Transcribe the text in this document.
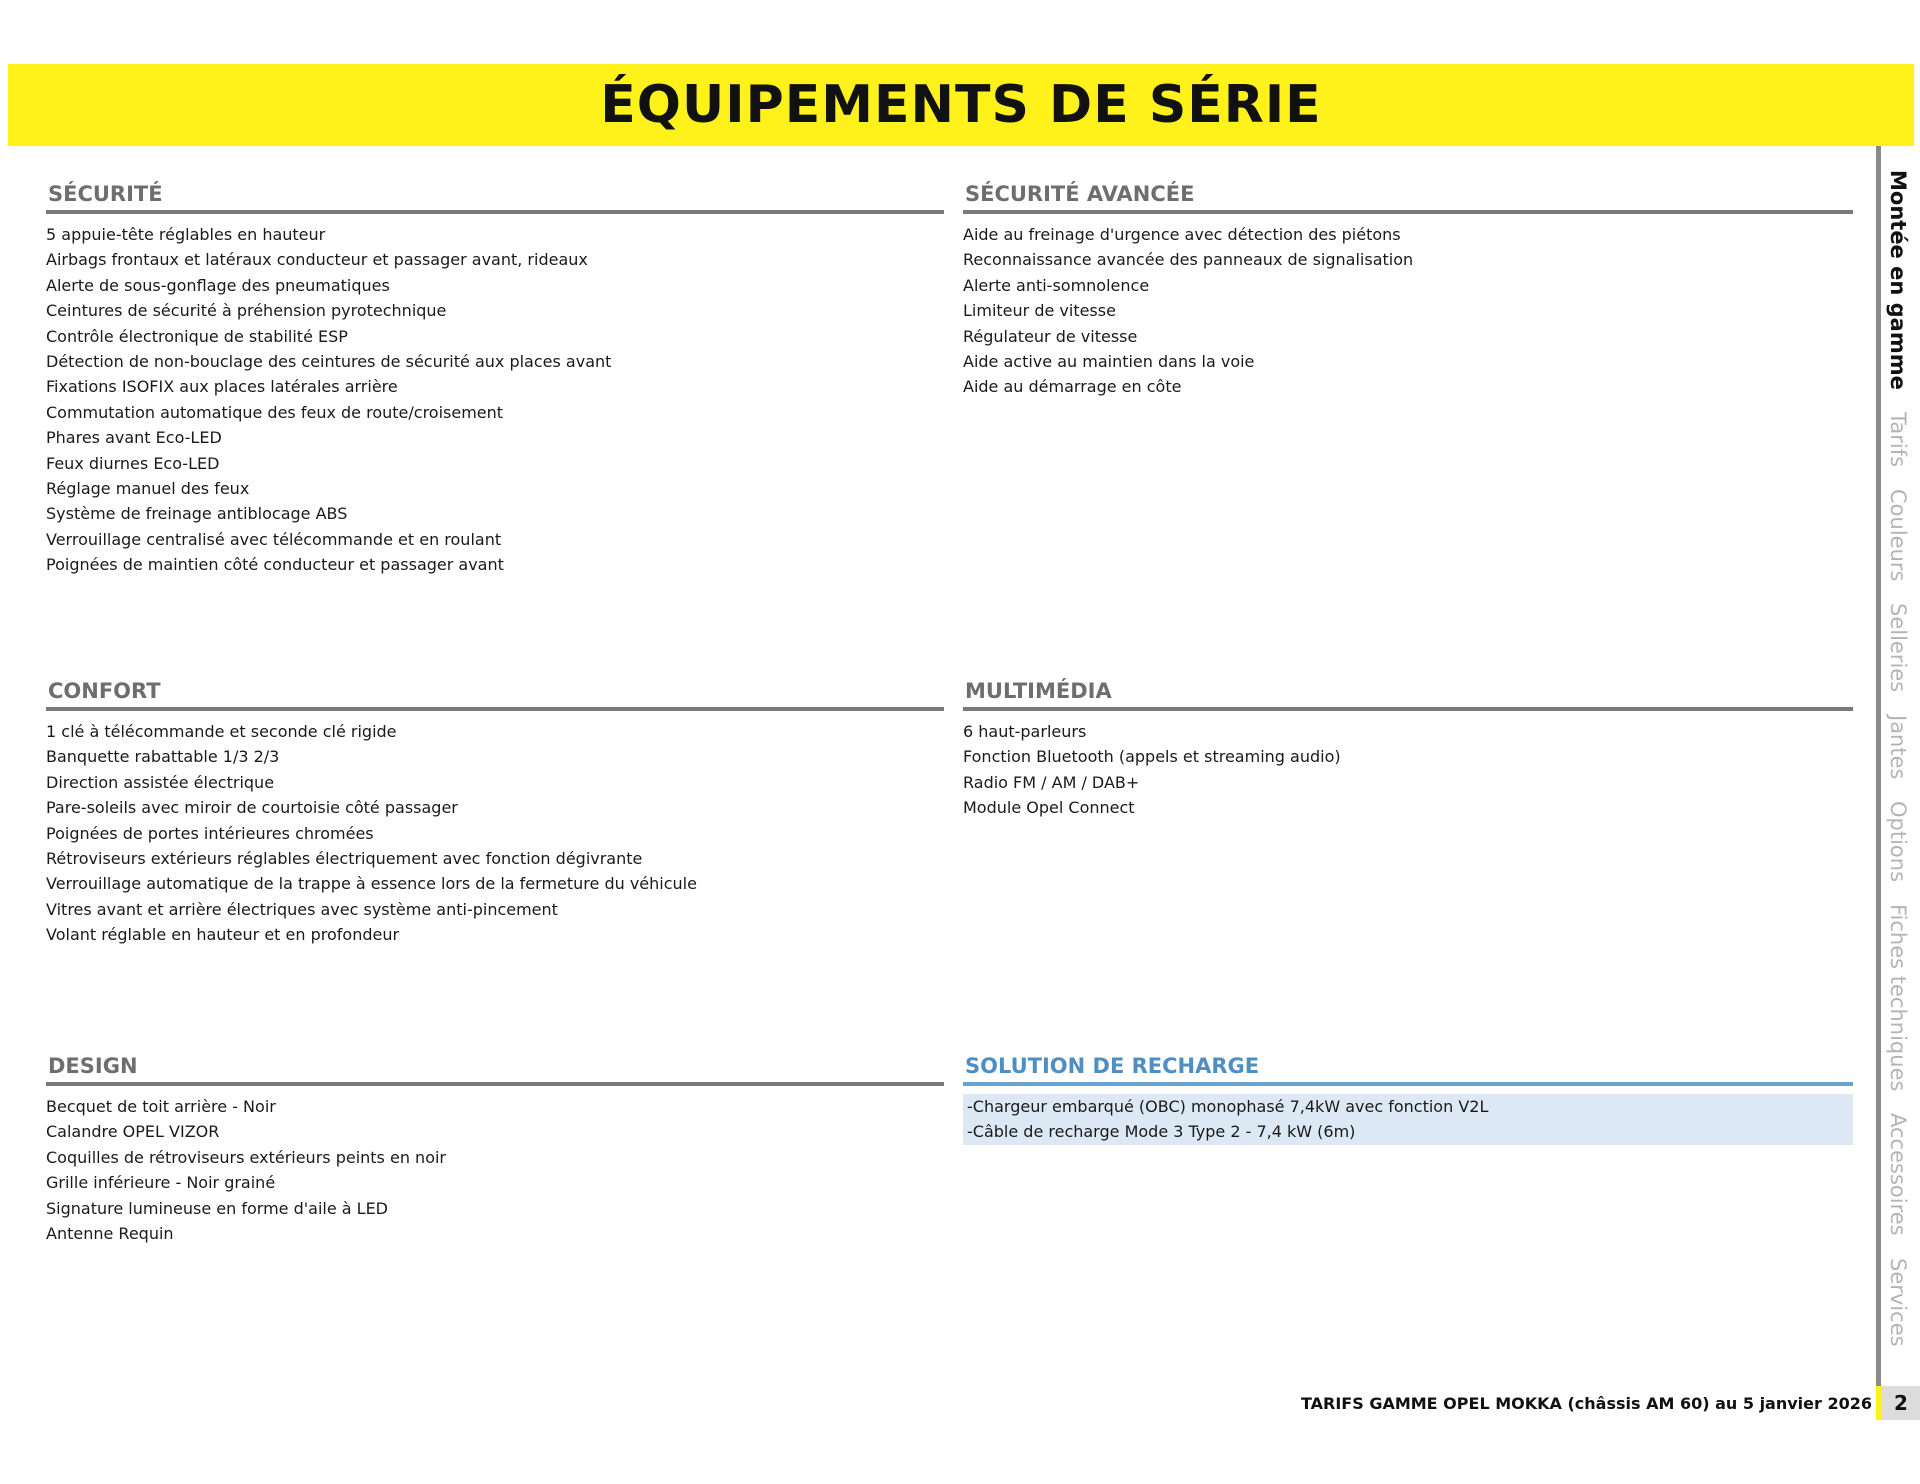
ÉQUIPEMENTS DE SÉRIE
SÉCURITÉ
5 appuie-tête réglables en hauteur
Airbags frontaux et latéraux conducteur et passager avant, rideaux
Alerte de sous-gonflage des pneumatiques
Ceintures de sécurité à préhension pyrotechnique
Contrôle électronique de stabilité ESP
Détection de non-bouclage des ceintures de sécurité aux places avant
Fixations ISOFIX aux places latérales arrière
Commutation automatique des feux de route/croisement
Phares avant Eco-LED
Feux diurnes Eco-LED
Réglage manuel des feux
Système de freinage antiblocage ABS
Verrouillage centralisé avec télécommande et en roulant
Poignées de maintien côté conducteur et passager avant
SÉCURITÉ AVANCÉE
Aide au freinage d'urgence avec détection des piétons
Reconnaissance avancée des panneaux de signalisation
Alerte anti-somnolence
Limiteur de vitesse
Régulateur de vitesse
Aide active au maintien dans la voie
Aide au démarrage en côte
CONFORT
1 clé à télécommande et seconde clé rigide
Banquette rabattable 1/3 2/3
Direction assistée électrique
Pare-soleils avec miroir de courtoisie côté passager
Poignées de portes intérieures chromées
Rétroviseurs extérieurs réglables électriquement avec fonction dégivrante
Verrouillage automatique de la trappe à essence lors de la fermeture du véhicule
Vitres avant et arrière électriques avec système anti-pincement
Volant réglable en hauteur et en profondeur
MULTIMÉDIA
6 haut-parleurs
Fonction Bluetooth (appels et streaming audio)
Radio FM / AM / DAB+
Module Opel Connect
DESIGN
Becquet de toit arrière - Noir
Calandre OPEL VIZOR
Coquilles de rétroviseurs extérieurs peints en noir
Grille inférieure - Noir grainé
Signature lumineuse en forme d'aile à LED
Antenne Requin
SOLUTION DE RECHARGE
-Chargeur embarqué (OBC) monophasé 7,4kW avec fonction V2L
-Câble de recharge Mode 3 Type 2 - 7,4 kW (6m)
Montée en gamme
Tarifs
Couleurs
Selleries
Jantes
Options
Fiches techniques
Accessoires
Services
TARIFS GAMME OPEL MOKKA (châssis AM 60) au 5 janvier 2026	2
